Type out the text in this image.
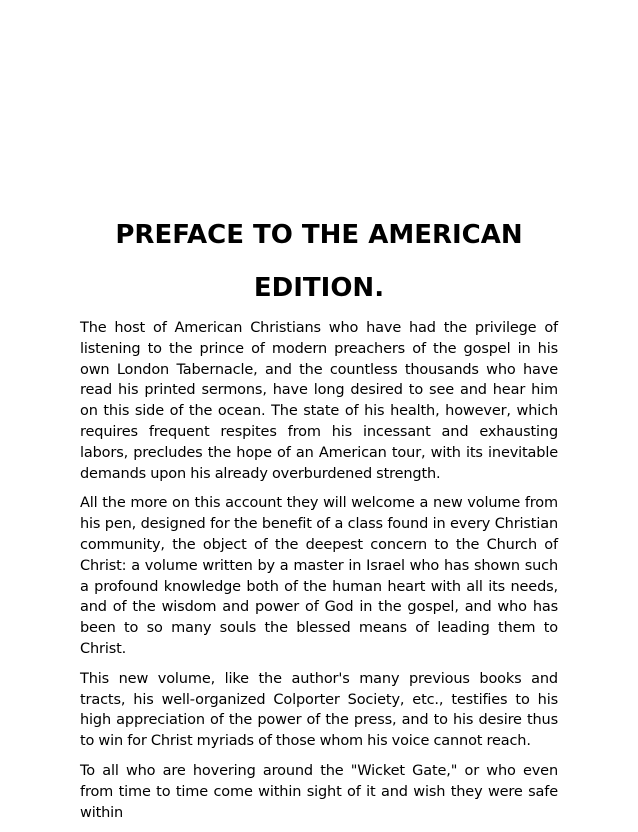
PREFACE TO THE AMERICAN
EDITION.

The host of American Christians who have had the privilege of listening to the prince of modern preachers of the gospel in his own London Tabernacle, and the countless thousands who have read his printed sermons, have long desired to see and hear him on this side of the ocean. The state of his health, however, which requires frequent respites from his incessant and exhausting labors, precludes the hope of an American tour, with its inevitable demands upon his already overburdened strength.

All the more on this account they will welcome a new volume from his pen, designed for the benefit of a class found in every Christian community, the object of the deepest concern to the Church of Christ: a volume written by a master in Israel who has shown such a profound knowledge both of the human heart with all its needs, and of the wisdom and power of God in the gospel, and who has been to so many souls the blessed means of leading them to Christ.

This new volume, like the author's many previous books and tracts, his well-organized Colporter Society, etc., testifies to his high appreciation of the power of the press, and to his desire thus to win for Christ myriads of those whom his voice cannot reach.

To all who are hovering around the "Wicket Gate," or who even from time to time come within sight of it and wish they were safe within
